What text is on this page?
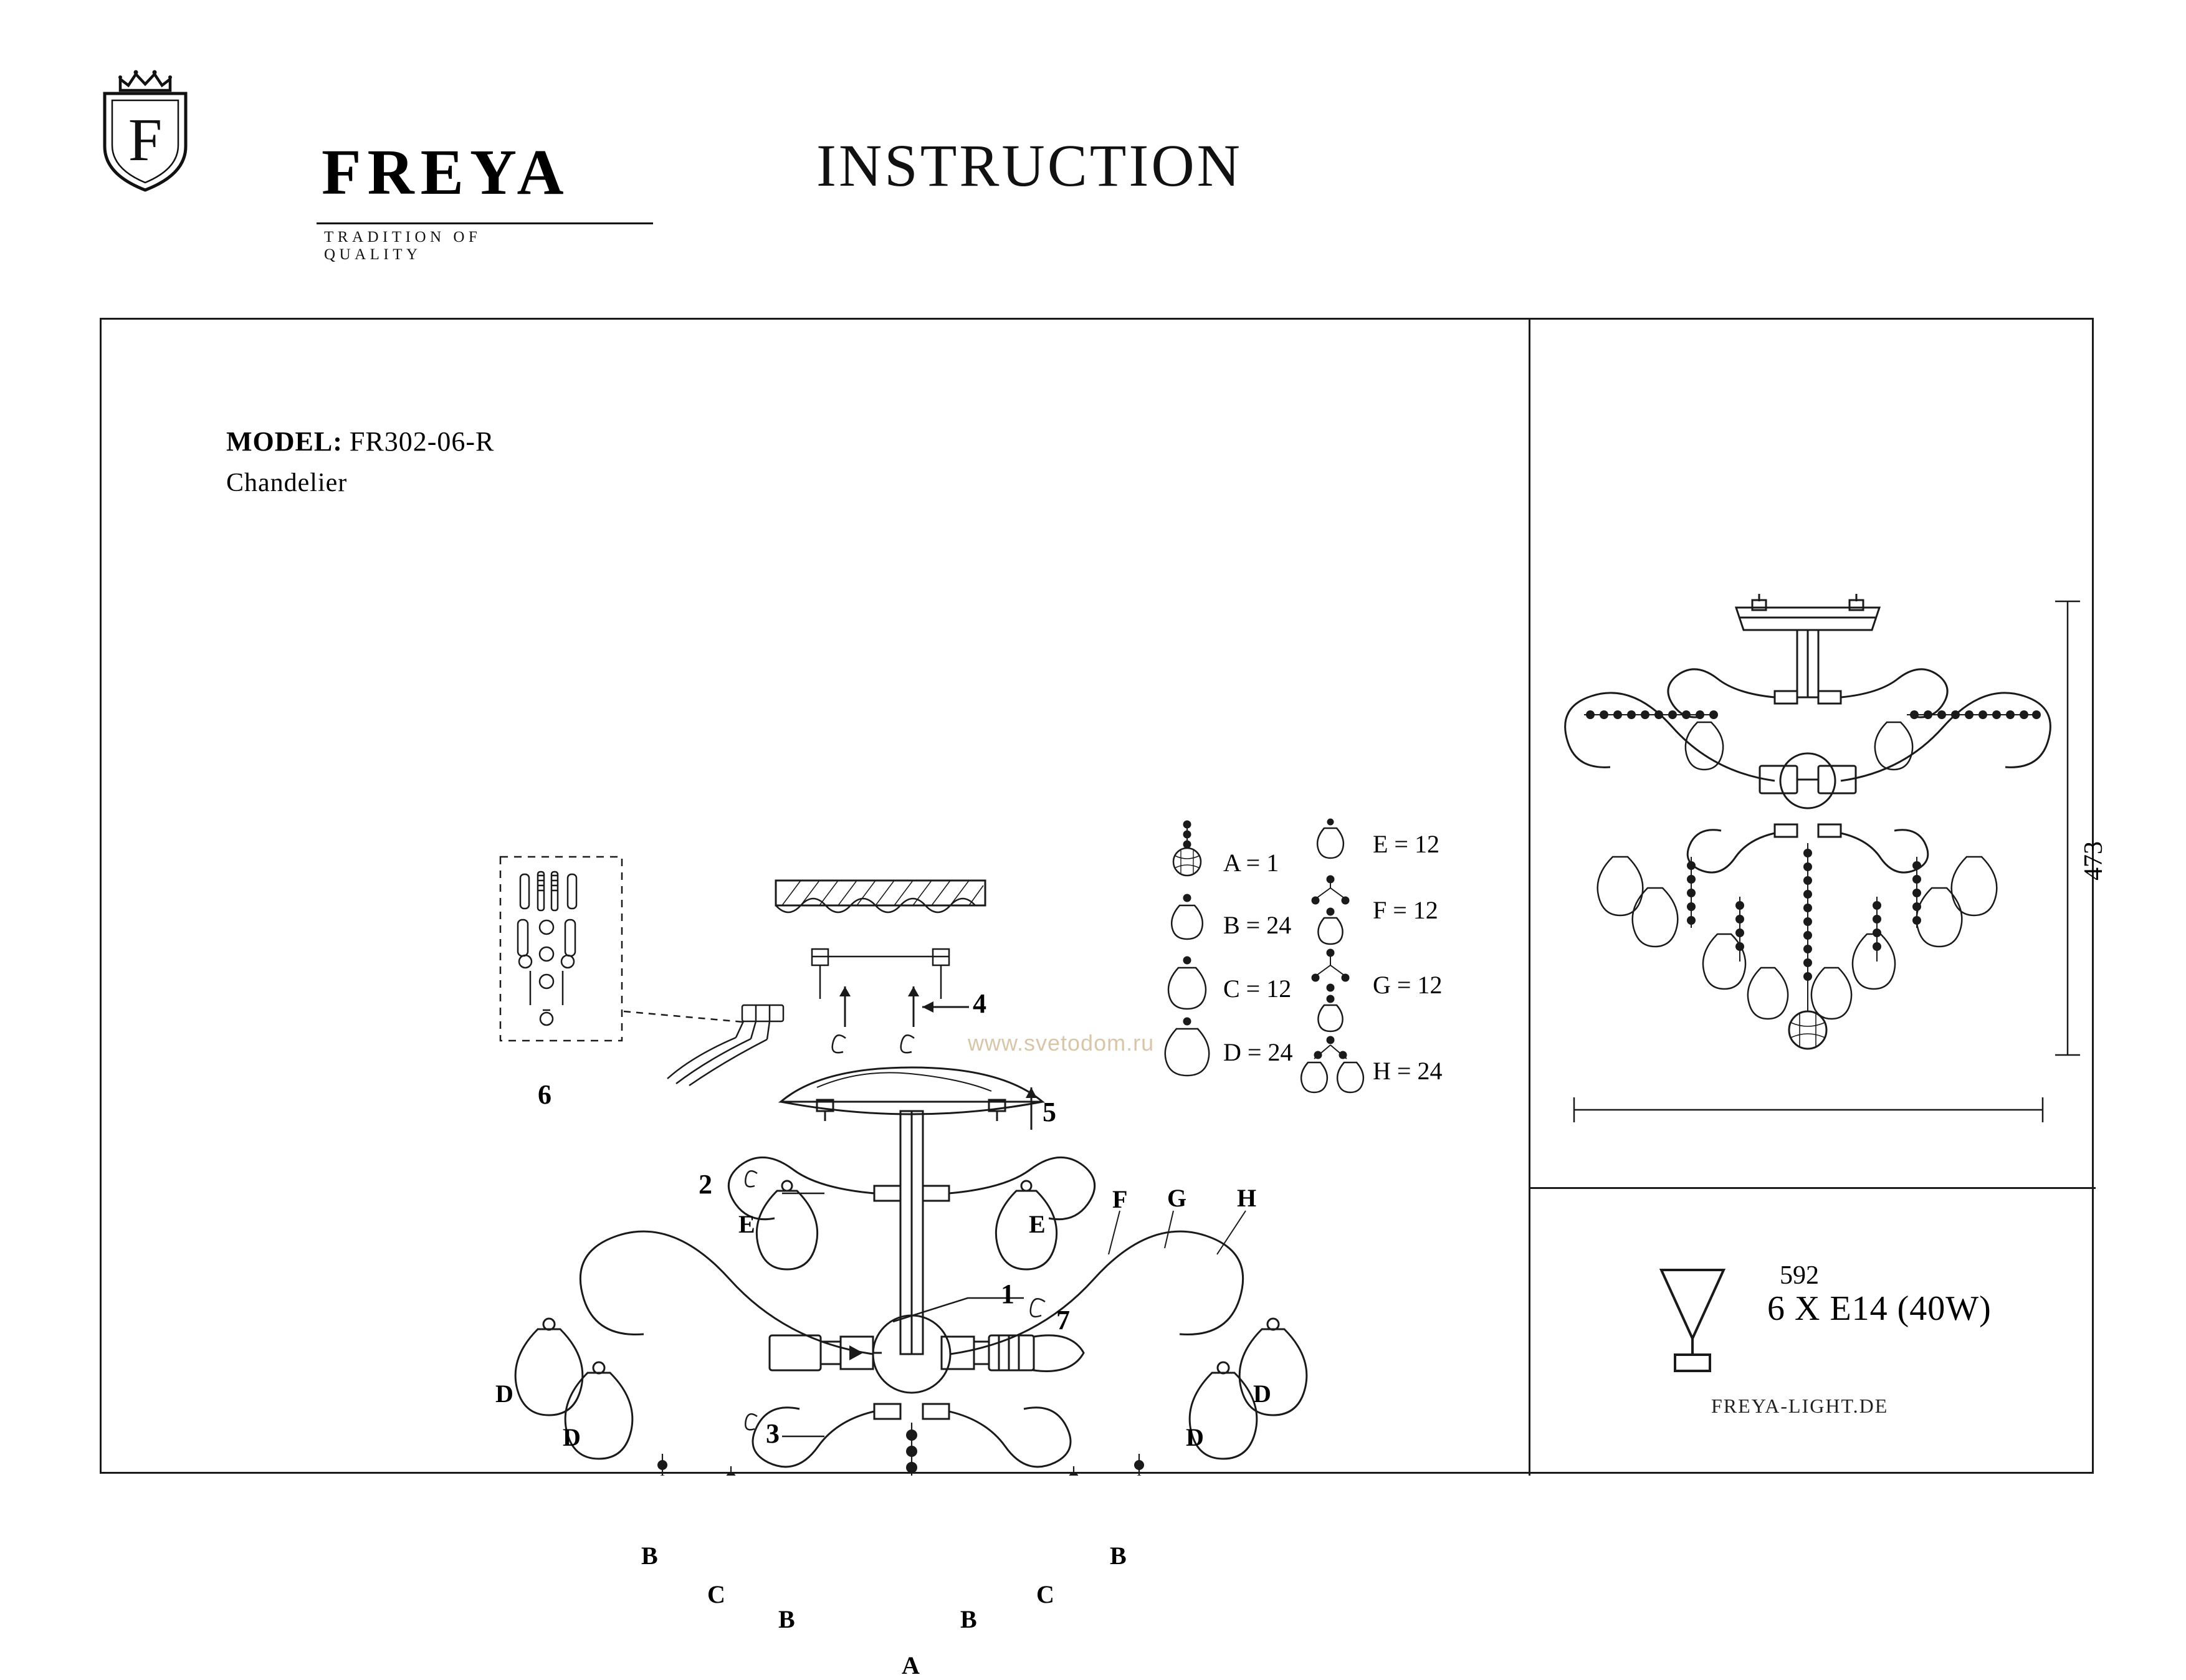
F FREYA
TRADITION OF QUALITY
INSTRUCTION
MODEL: FR302-06-R
Chandelier
www.svetodom.ru
1
2
3
4
5
6
7
E	E
F G H
D
D	D
D
B
B	B
B
C	C
A
A = 1
B = 24
C = 12
D = 24
E = 12
F = 12
G = 12
H = 24
592
473
6 X E14 (40W)
FREYA-LIGHT.DE
